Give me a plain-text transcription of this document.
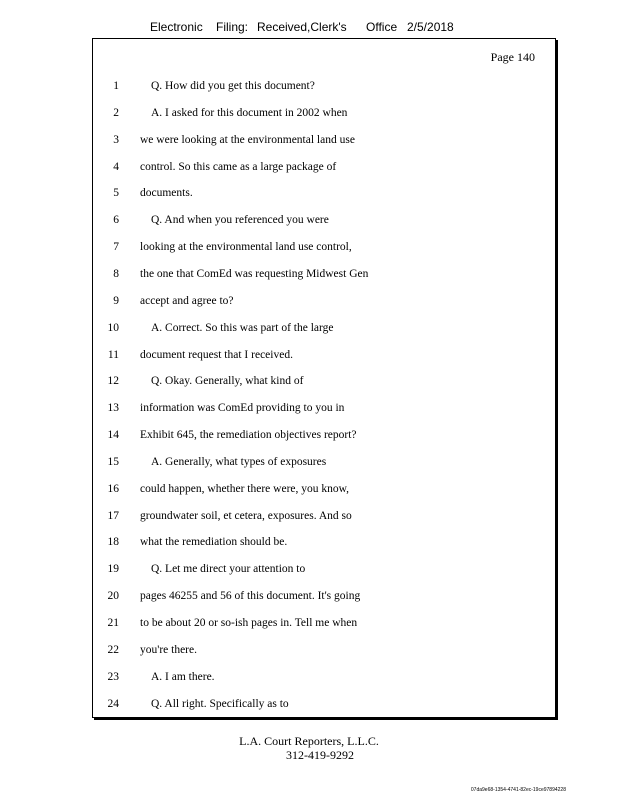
Electronic Filing: Received,Clerk's Office 2/5/2018
Page 140
1	Q. How did you get this document?
2	A. I asked for this document in 2002 when
3 we were looking at the environmental land use
4 control. So this came as a large package of
5 documents.
6	Q. And when you referenced you were
7 looking at the environmental land use control,
8 the one that ComEd was requesting Midwest Gen
9 accept and agree to?
10	A. Correct. So this was part of the large
11 document request that I received.
12	Q. Okay. Generally, what kind of
13 information was ComEd providing to you in
14 Exhibit 645, the remediation objectives report?
15	A. Generally, what types of exposures
16 could happen, whether there were, you know,
17 groundwater soil, et cetera, exposures. And so
18 what the remediation should be.
19	Q. Let me direct your attention to
20 pages 46255 and 56 of this document. It's going
21 to be about 20 or so-ish pages in. Tell me when
22 you're there.
23	A. I am there.
24	Q. All right. Specifically as to
L.A. Court Reporters, L.L.C.
312-419-9292
07da9e68-1354-4741-82ec-19ce97894228
